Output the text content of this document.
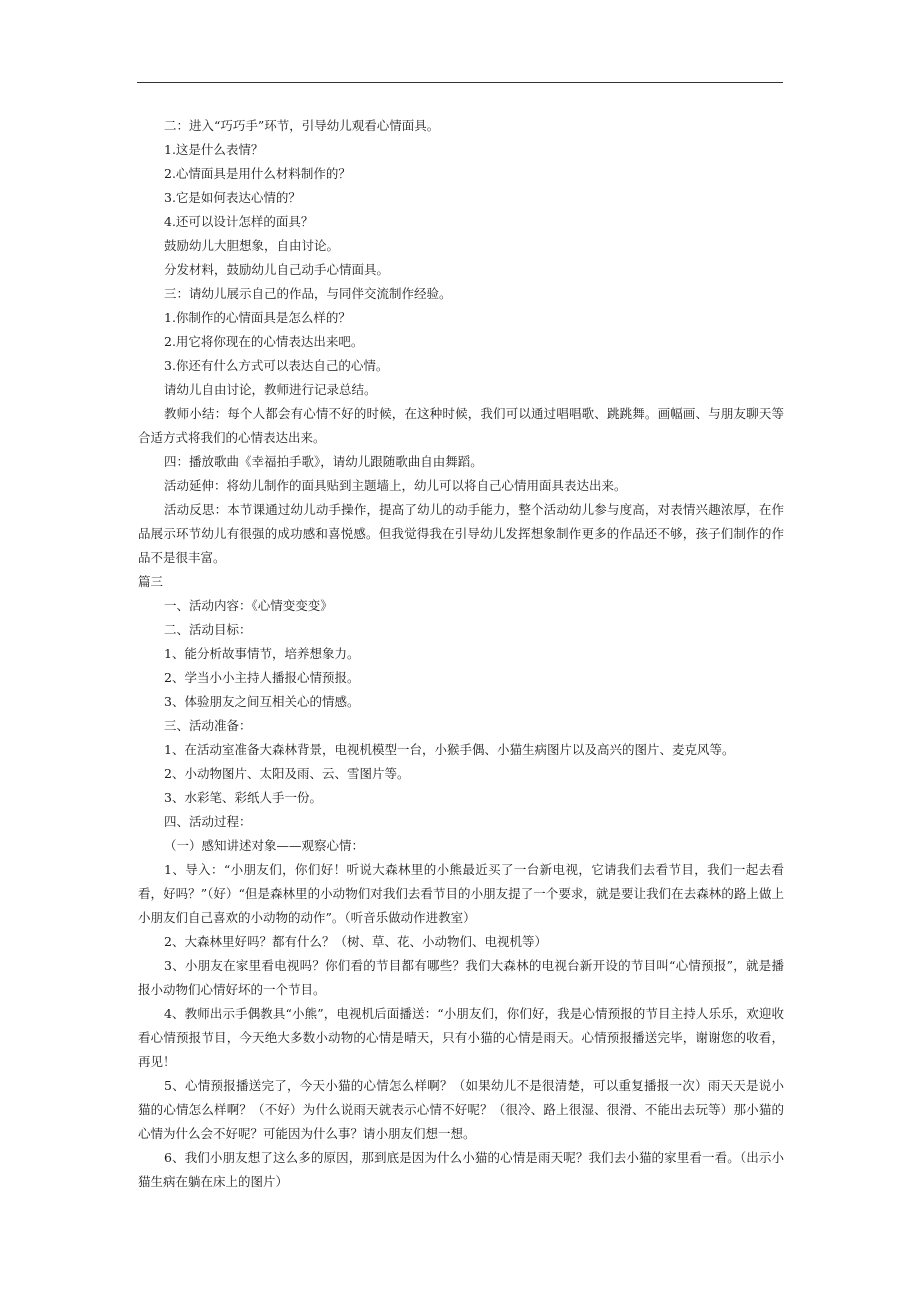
二：进入“巧巧手”环节，引导幼儿观看心情面具。
1.这是什么表情？
2.心情面具是用什么材料制作的？
3.它是如何表达心情的？
4.还可以设计怎样的面具？
鼓励幼儿大胆想象，自由讨论。
分发材料，鼓励幼儿自己动手心情面具。
三：请幼儿展示自己的作品，与同伴交流制作经验。
1.你制作的心情面具是怎么样的？
2.用它将你现在的心情表达出来吧。
3.你还有什么方式可以表达自己的心情。
请幼儿自由讨论，教师进行记录总结。
教师小结：每个人都会有心情不好的时候，在这种时候，我们可以通过唱唱歌、跳跳舞。画幅画、与朋友聊天等合适方式将我们的心情表达出来。
四：播放歌曲《幸福拍手歌》，请幼儿跟随歌曲自由舞蹈。
活动延伸：将幼儿制作的面具贴到主题墙上，幼儿可以将自己心情用面具表达出来。
活动反思：本节课通过幼儿动手操作，提高了幼儿的动手能力，整个活动幼儿参与度高，对表情兴趣浓厚，在作品展示环节幼儿有很强的成功感和喜悦感。但我觉得我在引导幼儿发挥想象制作更多的作品还不够，孩子们制作的作品不是很丰富。
篇三
一、活动内容：《心情变变变》
二、活动目标：
1、能分析故事情节，培养想象力。
2、学当小小主持人播报心情预报。
3、体验朋友之间互相关心的情感。
三、活动准备：
1、在活动室准备大森林背景，电视机模型一台，小猴手偶、小猫生病图片以及高兴的图片、麦克风等。
2、小动物图片、太阳及雨、云、雪图片等。
3、水彩笔、彩纸人手一份。
四、活动过程：
（一）感知讲述对象——观察心情：
1、导入：“小朋友们，你们好！听说大森林里的小熊最近买了一台新电视，它请我们去看节目，我们一起去看看，好吗？”（好）“但是森林里的小动物们对我们去看节目的小朋友提了一个要求，就是要让我们在去森林的路上做上小朋友们自己喜欢的小动物的动作”。（听音乐做动作进教室）
2、大森林里好吗？都有什么？（树、草、花、小动物们、电视机等）
3、小朋友在家里看电视吗？你们看的节目都有哪些？我们大森林的电视台新开设的节目叫“心情预报”，就是播报小动物们心情好坏的一个节目。
4、教师出示手偶教具“小熊”，电视机后面播送：“小朋友们，你们好，我是心情预报的节目主持人乐乐，欢迎收看心情预报节目，今天绝大多数小动物的心情是晴天，只有小猫的心情是雨天。心情预报播送完毕，谢谢您的收看，再见！
5、心情预报播送完了，今天小猫的心情怎么样啊？（如果幼儿不是很清楚，可以重复播报一次）雨天天是说小猫的心情怎么样啊？（不好）为什么说雨天就表示心情不好呢？（很冷、路上很湿、很滑、不能出去玩等）那小猫的心情为什么会不好呢？可能因为什么事？请小朋友们想一想。
6、我们小朋友想了这么多的原因，那到底是因为什么小猫的心情是雨天呢？我们去小猫的家里看一看。（出示小猫生病在躺在床上的图片）
